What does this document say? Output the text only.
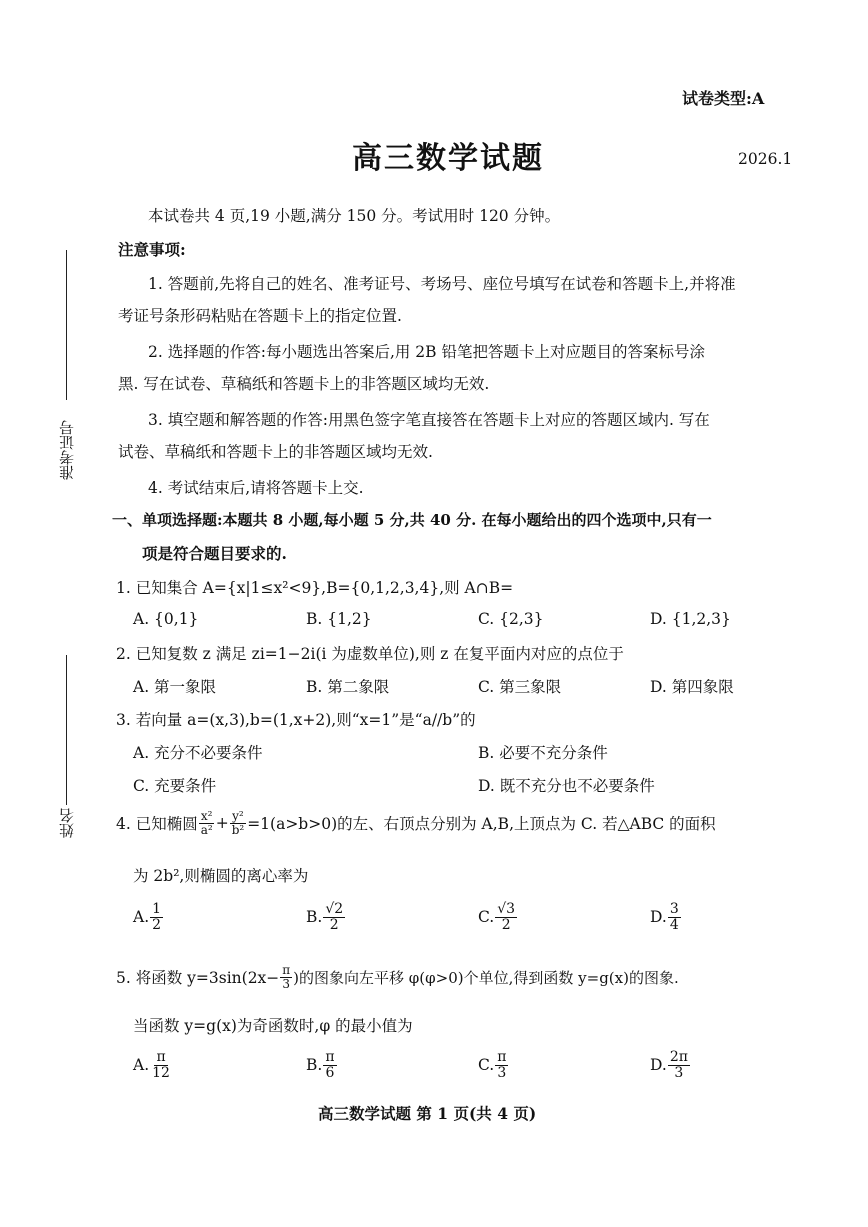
准考证号
姓名
试卷类型:A
高三数学试题	2026.1
本试卷共 4 页,19 小题,满分 150 分。考试用时 120 分钟。
注意事项:
1. 答题前,先将自己的姓名、准考证号、考场号、座位号填写在试卷和答题卡上,并将准
考证号条形码粘贴在答题卡上的指定位置.
2. 选择题的作答:每小题选出答案后,用 2B 铅笔把答题卡上对应题目的答案标号涂
黑. 写在试卷、草稿纸和答题卡上的非答题区域均无效.
3. 填空题和解答题的作答:用黑色签字笔直接答在答题卡上对应的答题区域内. 写在
试卷、草稿纸和答题卡上的非答题区域均无效.
4. 考试结束后,请将答题卡上交.
一、单项选择题:本题共 8 小题,每小题 5 分,共 40 分. 在每小题给出的四个选项中,只有一
项是符合题目要求的.
1. 已知集合 A={x|1≤x²<9},B={0,1,2,3,4},则 A∩B=
A. {0,1}	B. {1,2}	C. {2,3}	D. {1,2,3}
2. 已知复数 z 满足 zi=1−2i(i 为虚数单位),则 z 在复平面内对应的点位于
A. 第一象限	B. 第二象限	C. 第三象限	D. 第四象限
3. 若向量 a=(x,3),b=(1,x+2),则“x=1”是“a//b”的
A. 充分不必要条件	B. 必要不充分条件
C. 充要条件	D. 既不充分也不必要条件
4. 已知椭圆 $\frac{\text{x²}}{\text{a²}} + \frac{\text{y²}}{\text{b²}} =1(a>b>0)$的左、右顶点分别为 A,B,上顶点为 C. 若△ABC 的面积
为 2b²,则椭圆的离心率为
A. $\frac{1}{2}$	B. $\frac{√2}{2}$	C. $\frac{√3}{2}$	D. $\frac{3}{4}$
5. 将函数 $y=3\sin(2x- \frac{\pi}{3}$ )的图象向左平移 φ(φ>0)个单位,得到函数 y=g(x)的图象.
当函数 y=g(x)为奇函数时,φ 的最小值为
A. $\frac{\pi}{12}$	B. $\frac{\pi}{6}$	C. $\frac{\pi}{3}$	D. $\frac{2\pi}{3}$
高三数学试题 第 1 页(共 4 页)
